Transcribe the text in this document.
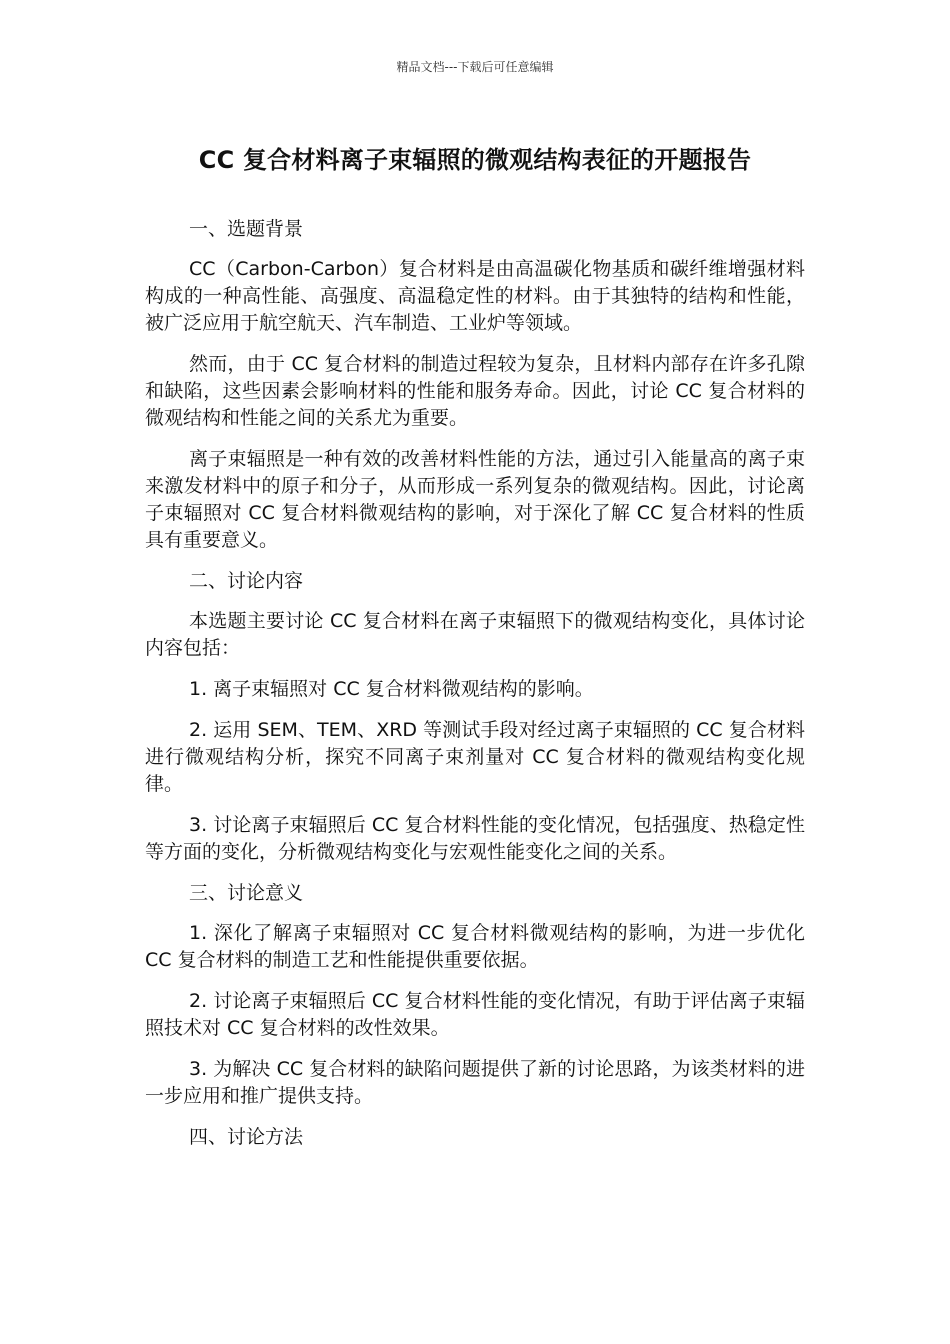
精品文档---下载后可任意编辑
CC 复合材料离子束辐照的微观结构表征的开题报告

一、选题背景

CC（Carbon-Carbon）复合材料是由高温碳化物基质和碳纤维增强材料构成的一种高性能、高强度、高温稳定性的材料。由于其独特的结构和性能，被广泛应用于航空航天、汽车制造、工业炉等领域。

然而，由于 CC 复合材料的制造过程较为复杂，且材料内部存在许多孔隙和缺陷，这些因素会影响材料的性能和服务寿命。因此，讨论 CC 复合材料的微观结构和性能之间的关系尤为重要。

离子束辐照是一种有效的改善材料性能的方法，通过引入能量高的离子束来激发材料中的原子和分子，从而形成一系列复杂的微观结构。因此，讨论离子束辐照对 CC 复合材料微观结构的影响，对于深化了解 CC 复合材料的性质具有重要意义。

二、讨论内容

本选题主要讨论 CC 复合材料在离子束辐照下的微观结构变化，具体讨论内容包括：

1. 离子束辐照对 CC 复合材料微观结构的影响。

2. 运用 SEM、TEM、XRD 等测试手段对经过离子束辐照的 CC 复合材料进行微观结构分析，探究不同离子束剂量对 CC 复合材料的微观结构变化规律。

3. 讨论离子束辐照后 CC 复合材料性能的变化情况，包括强度、热稳定性等方面的变化，分析微观结构变化与宏观性能变化之间的关系。

三、讨论意义

1. 深化了解离子束辐照对 CC 复合材料微观结构的影响，为进一步优化 CC 复合材料的制造工艺和性能提供重要依据。

2. 讨论离子束辐照后 CC 复合材料性能的变化情况，有助于评估离子束辐照技术对 CC 复合材料的改性效果。

3. 为解决 CC 复合材料的缺陷问题提供了新的讨论思路，为该类材料的进一步应用和推广提供支持。

四、讨论方法
